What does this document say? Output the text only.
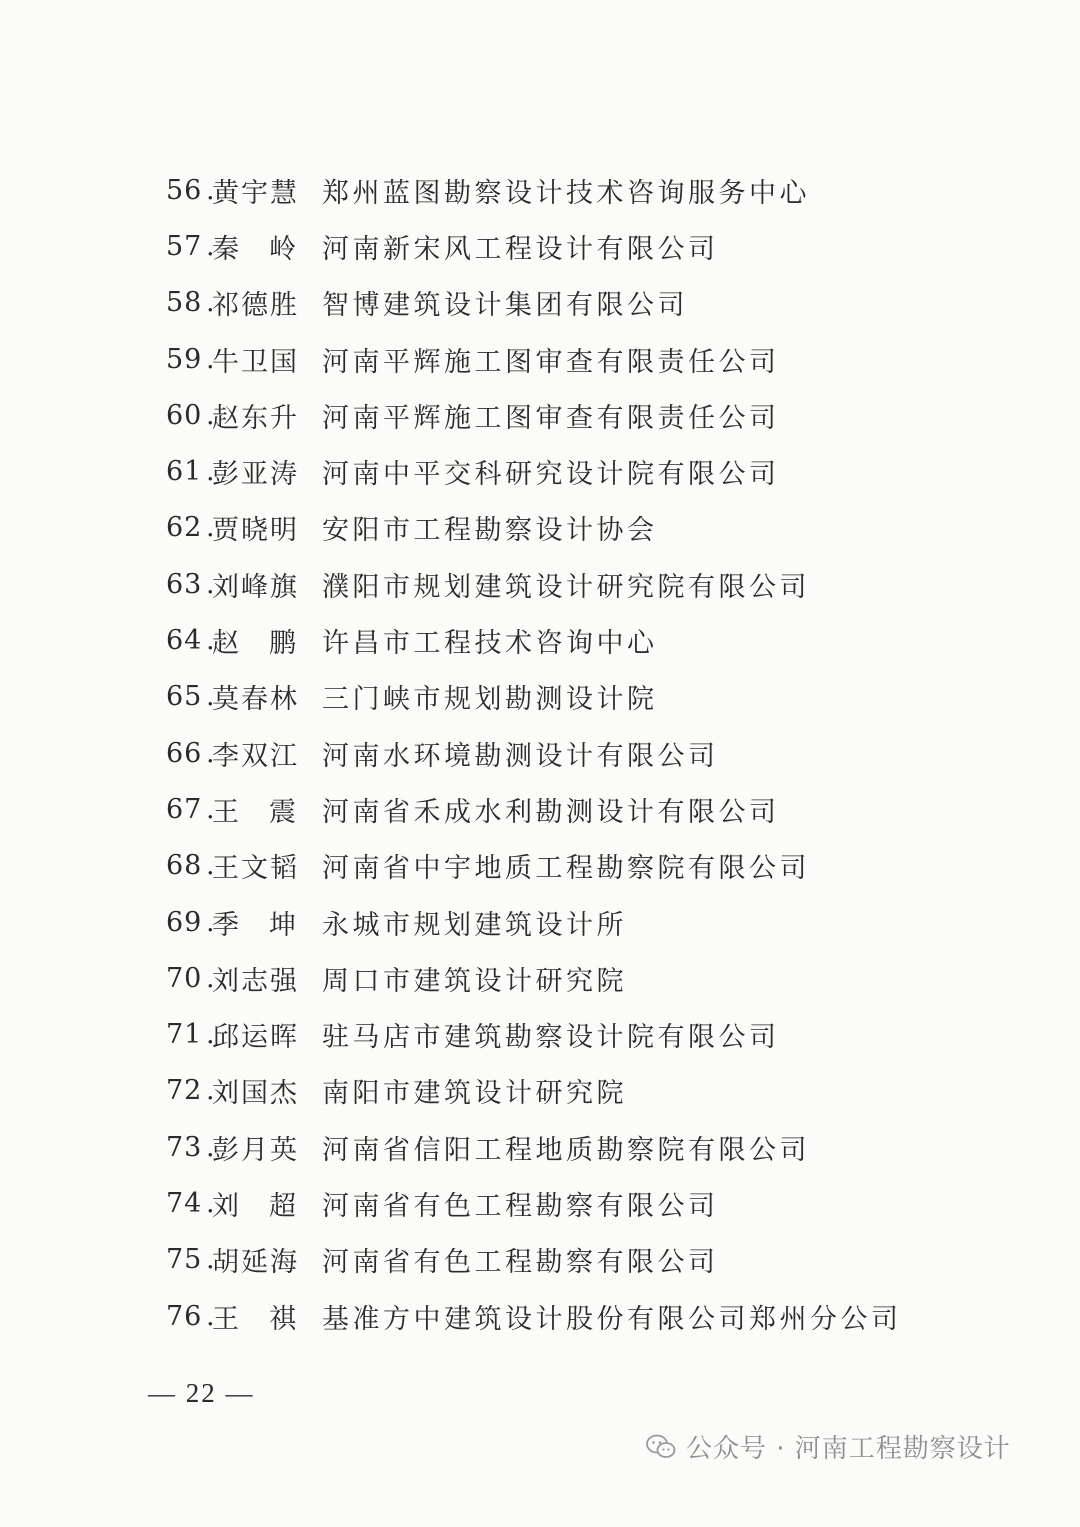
56 .
黄宇慧 郑州蓝图勘察设计技术咨询服务中心
57 .
秦 岭 河南新宋风工程设计有限公司
58 .
祁德胜 智博建筑设计集团有限公司
59 .
牛卫国 河南平辉施工图审查有限责任公司
60 .
赵东升 河南平辉施工图审查有限责任公司
61 .
彭亚涛 河南中平交科研究设计院有限公司
62 .
贾晓明 安阳市工程勘察设计协会
63 .
刘峰旗 濮阳市规划建筑设计研究院有限公司
64 .
赵 鹏 许昌市工程技术咨询中心
65 .
莫春林 三门峡市规划勘测设计院
66 .
李双江 河南水环境勘测设计有限公司
67 .
王 震 河南省禾成水利勘测设计有限公司
68 .
王文韬 河南省中宇地质工程勘察院有限公司
69 .
季 坤 永城市规划建筑设计所
70 .
刘志强 周口市建筑设计研究院
71 .
邱运晖 驻马店市建筑勘察设计院有限公司
72 .
刘国杰 南阳市建筑设计研究院
73 .
彭月英 河南省信阳工程地质勘察院有限公司
74 .
刘 超 河南省有色工程勘察有限公司
75 .
胡延海 河南省有色工程勘察有限公司
76 .
王 祺 基准方中建筑设计股份有限公司郑州分公司
— 22 —
公众号 · 河南工程勘察设计
